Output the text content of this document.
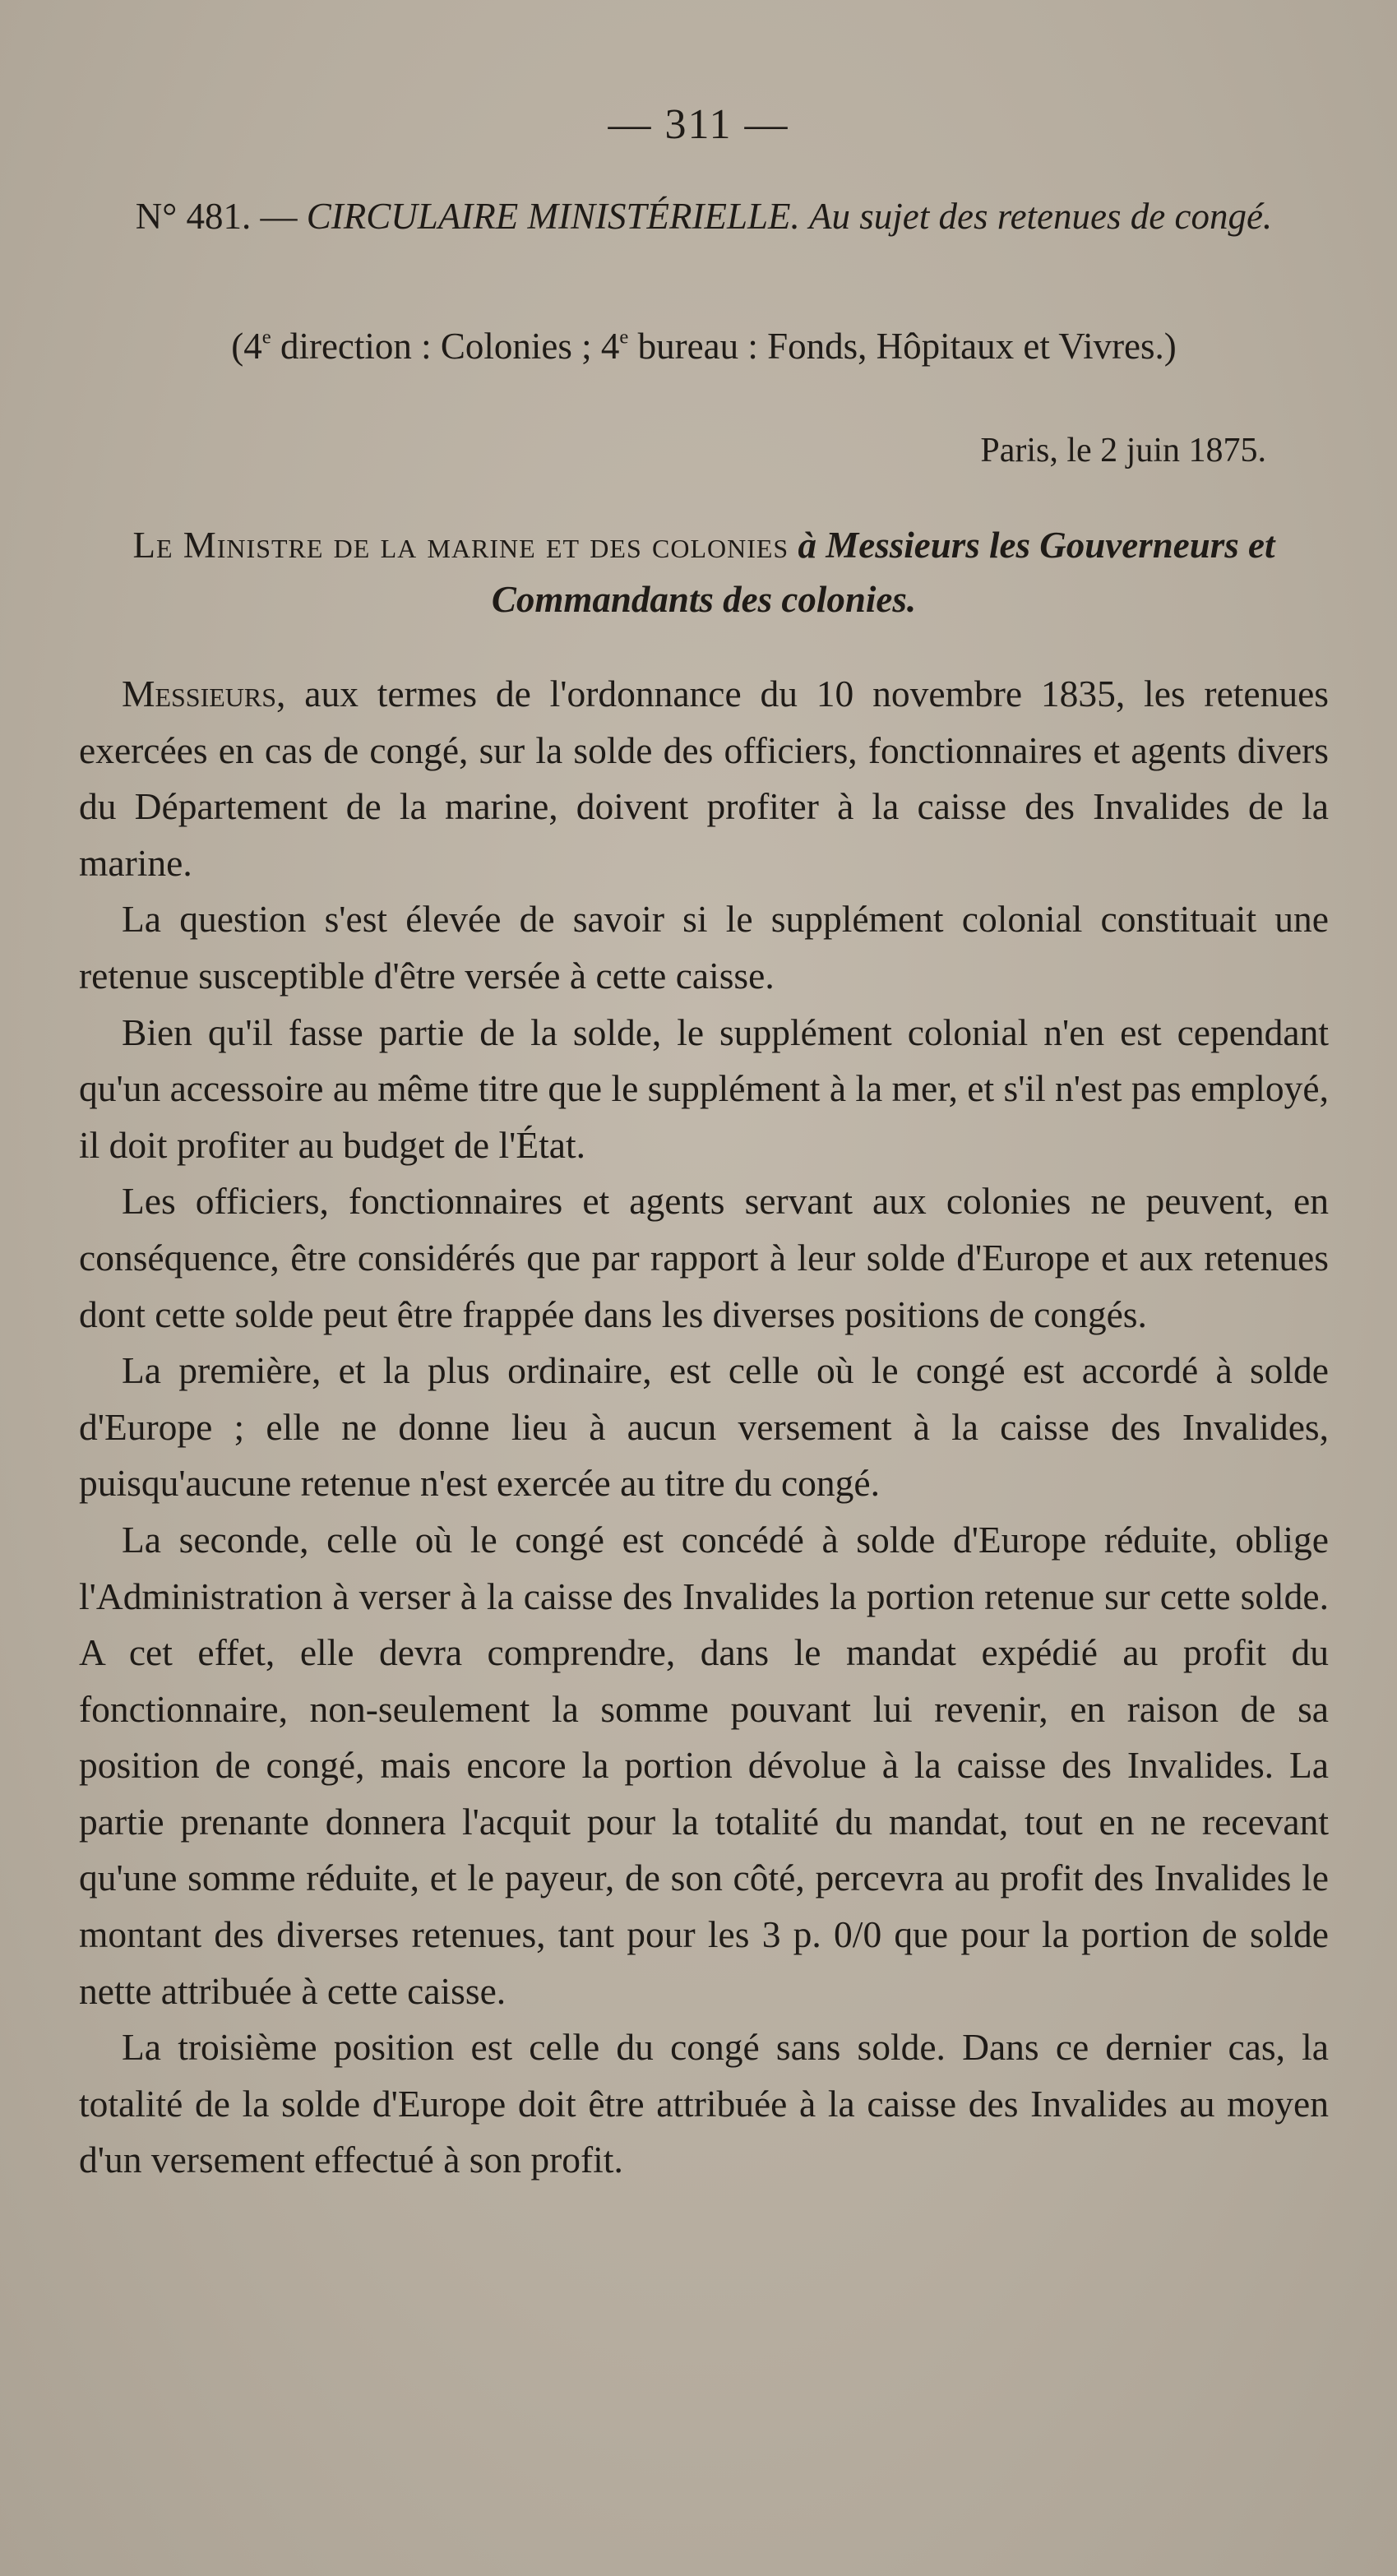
— 311 —
N° 481. — CIRCULAIRE MINISTÉRIELLE. Au sujet des retenues de congé.
(4e direction : Colonies ; 4e bureau : Fonds, Hôpitaux et Vivres.)
Paris, le 2 juin 1875.
Le Ministre de la marine et des colonies à Messieurs les Gouverneurs et Commandants des colonies.

Messieurs, aux termes de l'ordonnance du 10 novembre 1835, les retenues exercées en cas de congé, sur la solde des officiers, fonctionnaires et agents divers du Département de la marine, doivent profiter à la caisse des Invalides de la marine.

La question s'est élevée de savoir si le supplément colonial constituait une retenue susceptible d'être versée à cette caisse.

Bien qu'il fasse partie de la solde, le supplément colonial n'en est cependant qu'un accessoire au même titre que le supplément à la mer, et s'il n'est pas employé, il doit profiter au budget de l'État.

Les officiers, fonctionnaires et agents servant aux colonies ne peuvent, en conséquence, être considérés que par rapport à leur solde d'Europe et aux retenues dont cette solde peut être frappée dans les diverses positions de congés.

La première, et la plus ordinaire, est celle où le congé est accordé à solde d'Europe ; elle ne donne lieu à aucun versement à la caisse des Invalides, puisqu'aucune retenue n'est exercée au titre du congé.

La seconde, celle où le congé est concédé à solde d'Europe réduite, oblige l'Administration à verser à la caisse des Invalides la portion retenue sur cette solde. A cet effet, elle devra comprendre, dans le mandat expédié au profit du fonctionnaire, non-seulement la somme pouvant lui revenir, en raison de sa position de congé, mais encore la portion dévolue à la caisse des Invalides. La partie prenante donnera l'acquit pour la totalité du mandat, tout en ne recevant qu'une somme réduite, et le payeur, de son côté, percevra au profit des Invalides le montant des diverses retenues, tant pour les 3 p. 0/0 que pour la portion de solde nette attribuée à cette caisse.

La troisième position est celle du congé sans solde. Dans ce dernier cas, la totalité de la solde d'Europe doit être attribuée à la caisse des Invalides au moyen d'un versement effectué à son profit.
